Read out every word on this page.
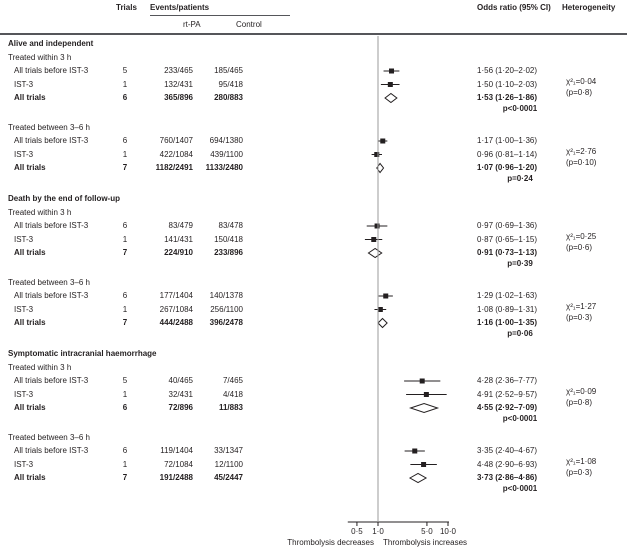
Trials Events/patients
rt-PA	Control
Odds ratio (95% CI) Heterogeneity
Alive and independent
Treated within 3 h
All trials before IST-3	5	233/465	185/465	1·56 (1·20–2·02)
IST-3	1	132/431	95/418	1·50 (1·10–2·03)
All trials	6	365/896	280/883	1·53 (1·26–1·86)
p<0·0001
χ²₁=0·04
(p=0·8)
Treated between 3–6 h
All trials before IST-3	6	760/1407	694/1380	1·17 (1·00–1·36)
IST-3	1	422/1084	439/1100	0·96 (0·81–1·14)
All trials	7	1182/2491	1133/2480	1·07 (0·96–1·20)
p=0·24
χ²₁=2·76
(p=0·10)
Death by the end of follow-up
Treated within 3 h
All trials before IST-3	6	83/479	83/478	0·97 (0·69–1·36)
IST-3	1	141/431	150/418	0·87 (0·65–1·15)
All trials	7	224/910	233/896	0·91 (0·73–1·13)
p=0·39
χ²₁=0·25
(p=0·6)
Treated between 3–6 h
All trials before IST-3	6	177/1404	140/1378	1·29 (1·02–1·63)
IST-3	1	267/1084	256/1100	1·08 (0·89–1·31)
All trials	7	444/2488	396/2478	1·16 (1·00–1·35)
p=0·06
χ²₁=1·27
(p=0·3)
Symptomatic intracranial haemorrhage
Treated within 3 h
All trials before IST-3	5	40/465	7/465	4·28 (2·36–7·77)
IST-3	1	32/431	4/418	4·91 (2·52–9·57)
All trials	6	72/896	11/883	4·55 (2·92–7·09)
p<0·0001
χ²₁=0·09
(p=0·8)
Treated between 3–6 h
All trials before IST-3	6	119/1404	33/1347	3·35 (2·40–4·67)
IST-3	1	72/1084	12/1100	4·48 (2·90–6·93)
All trials	7	191/2488	45/2447	3·73 (2·86–4·86)
p<0·0001
χ²₁=1·08
(p=0·3)
0·5	1·0	5·0 10·0
Thrombolysis decreases Thrombolysis increases
